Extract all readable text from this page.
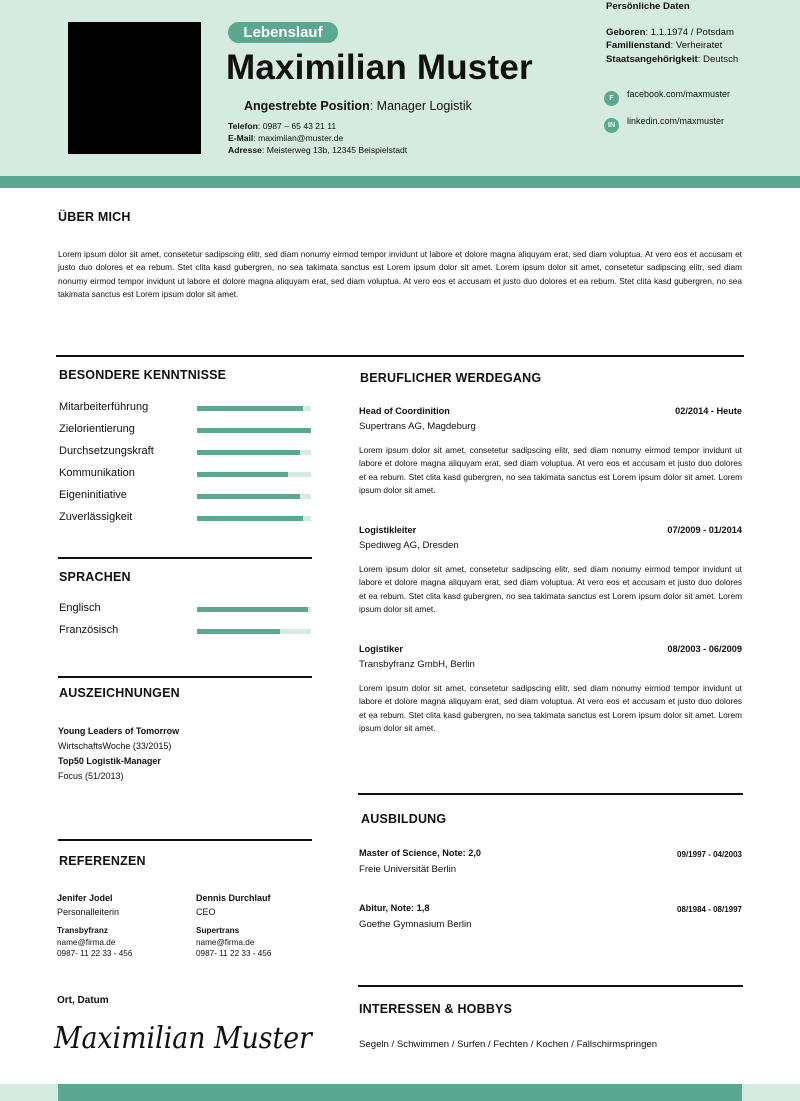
Lebenslauf
Maximilian Muster
Angestrebte Position: Manager Logistik
Telefon: 0987 – 65 43 21 11
E-Mail: maximiian@muster.de
Adresse: Meisterweg 13b, 12345 Beispielstadt
Persönliche Daten
Geboren: 1.1.1974 / Potsdam
Familienstand: Verheiratet
Staatsangehörigkeit: Deutsch
F	facebook.com/maxmuster
IN	linkedin.com/maxmuster
ÜBER MICH
Lorem ipsum dolor sit amet, consetetur sadipscing elitr, sed diam nonumy eirmod tempor invidunt ut labore et dolore magna aliquyam erat, sed diam voluptua. At vero eos et accusam et justo duo dolores et ea rebum. Stet clita kasd gubergren, no sea takimata sanctus est Lorem ipsum dolor sit amet. Lorem ipsum dolor sit amet, consetetur sadipscing elitr, sed diam nonumy eirmod tempor invidunt ut labore et dolore magna aliquyam erat, sed diam voluptua. At vero eos et accusam et justo duo dolores et ea rebum. Stet clita kasd gubergren, no sea takimata sanctus est Lorem ipsum dolor sit amet.
BESONDERE KENNTNISSE
Mitarbeiterführung
Zielorientierung
Durchsetzungskraft
Kommunikation
Eigeninitiative
Zuverlässigkeit
SPRACHEN
Englisch
Französisch
AUSZEICHNUNGEN
Young Leaders of Tomorrow
WirtschaftsWoche (33/2015)
Top50 Logistik-Manager
Focus (51/2013)
REFERENZEN
Jenifer Jodel
Personalleiterin
Transbyfranz
name@firma.de
0987- 11 22 33 - 456
Dennis Durchlauf
CEO
Supertrans
name@firma.de
0987- 11 22 33 - 456
Ort, Datum
Maximilian Muster
BERUFLICHER WERDEGANG
Head of Coordinition	02/2014 - Heute
Supertrans AG, Magdeburg
Lorem ipsum dolor sit amet, consetetur sadipscing elitr, sed diam nonumy eirmod tempor invidunt ut labore et dolore magna aliquyam erat, sed diam voluptua. At vero eos et accusam et justo duo dolores et ea rebum. Stet clita kasd gubergren, no sea takimata sanctus est Lorem ipsum dolor sit amet. Lorem ipsum dolor sit amet.
Logistikleiter	07/2009 - 01/2014
Spediweg AG, Dresden
Lorem ipsum dolor sit amet, consetetur sadipscing elitr, sed diam nonumy eirmod tempor invidunt ut labore et dolore magna aliquyam erat, sed diam voluptua. At vero eos et accusam et justo duo dolores et ea rebum. Stet clita kasd gubergren, no sea takimata sanctus est Lorem ipsum dolor sit amet. Lorem ipsum dolor sit amet.
Logistiker	08/2003 - 06/2009
Transbyfranz GmbH, Berlin
Lorem ipsum dolor sit amet, consetetur sadipscing elitr, sed diam nonumy eirmod tempor invidunt ut labore et dolore magna aliquyam erat, sed diam voluptua. At vero eos et accusam et justo duo dolores et ea rebum. Stet clita kasd gubergren, no sea takimata sanctus est Lorem ipsum dolor sit amet. Lorem ipsum dolor sit amet.
AUSBILDUNG
Master of Science, Note: 2,0	09/1997 - 04/2003
Freie Universität Berlin
Abitur, Note: 1,8	08/1984 - 08/1997
Goethe Gymnasium Berlin
INTERESSEN & HOBBYS
Segeln / Schwimmen / Surfen / Fechten / Kochen / Fallschirmspringen
